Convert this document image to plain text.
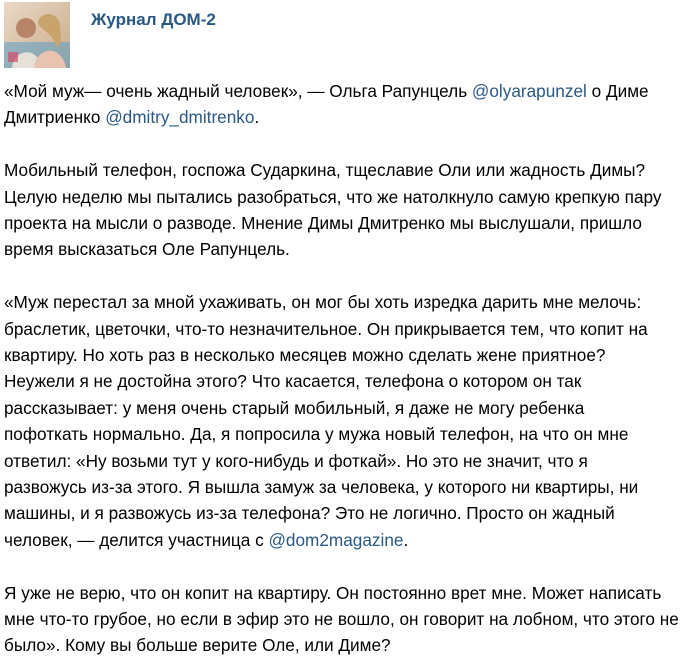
Журнал ДОМ-2
«Мой муж— очень жадный человек», — Ольга Рапунцель @olyarapunzel о Диме
Дмитриенко @dmitry_dmitrenko.
Мобильный телефон, госпожа Сударкина, тщеславие Оли или жадность Димы?
Целую неделю мы пытались разобраться, что же натолкнуло самую крепкую пару
проекта на мысли о разводе. Мнение Димы Дмитренко мы выслушали, пришло
время высказаться Оле Рапунцель.
«Муж перестал за мной ухаживать, он мог бы хоть изредка дарить мне мелочь:
браслетик, цветочки, что-то незначительное. Он прикрывается тем, что копит на
квартиру. Но хоть раз в несколько месяцев можно сделать жене приятное?
Неужели я не достойна этого? Что касается, телефона о котором он так
рассказывает: у меня очень старый мобильный, я даже не могу ребенка
пофоткать нормально. Да, я попросила у мужа новый телефон, на что он мне
ответил: «Ну возьми тут у кого-нибудь и фоткай». Но это не значит, что я
развожусь из-за этого. Я вышла замуж за человека, у которого ни квартиры, ни
машины, и я развожусь из-за телефона? Это не логично. Просто он жадный
человек, — делится участница с @dom2magazine.
Я уже не верю, что он копит на квартиру. Он постоянно врет мне. Может написать
мне что-то грубое, но если в эфир это не вошло, он говорит на лобном, что этого не
было». Кому вы больше верите Оле, или Диме?
